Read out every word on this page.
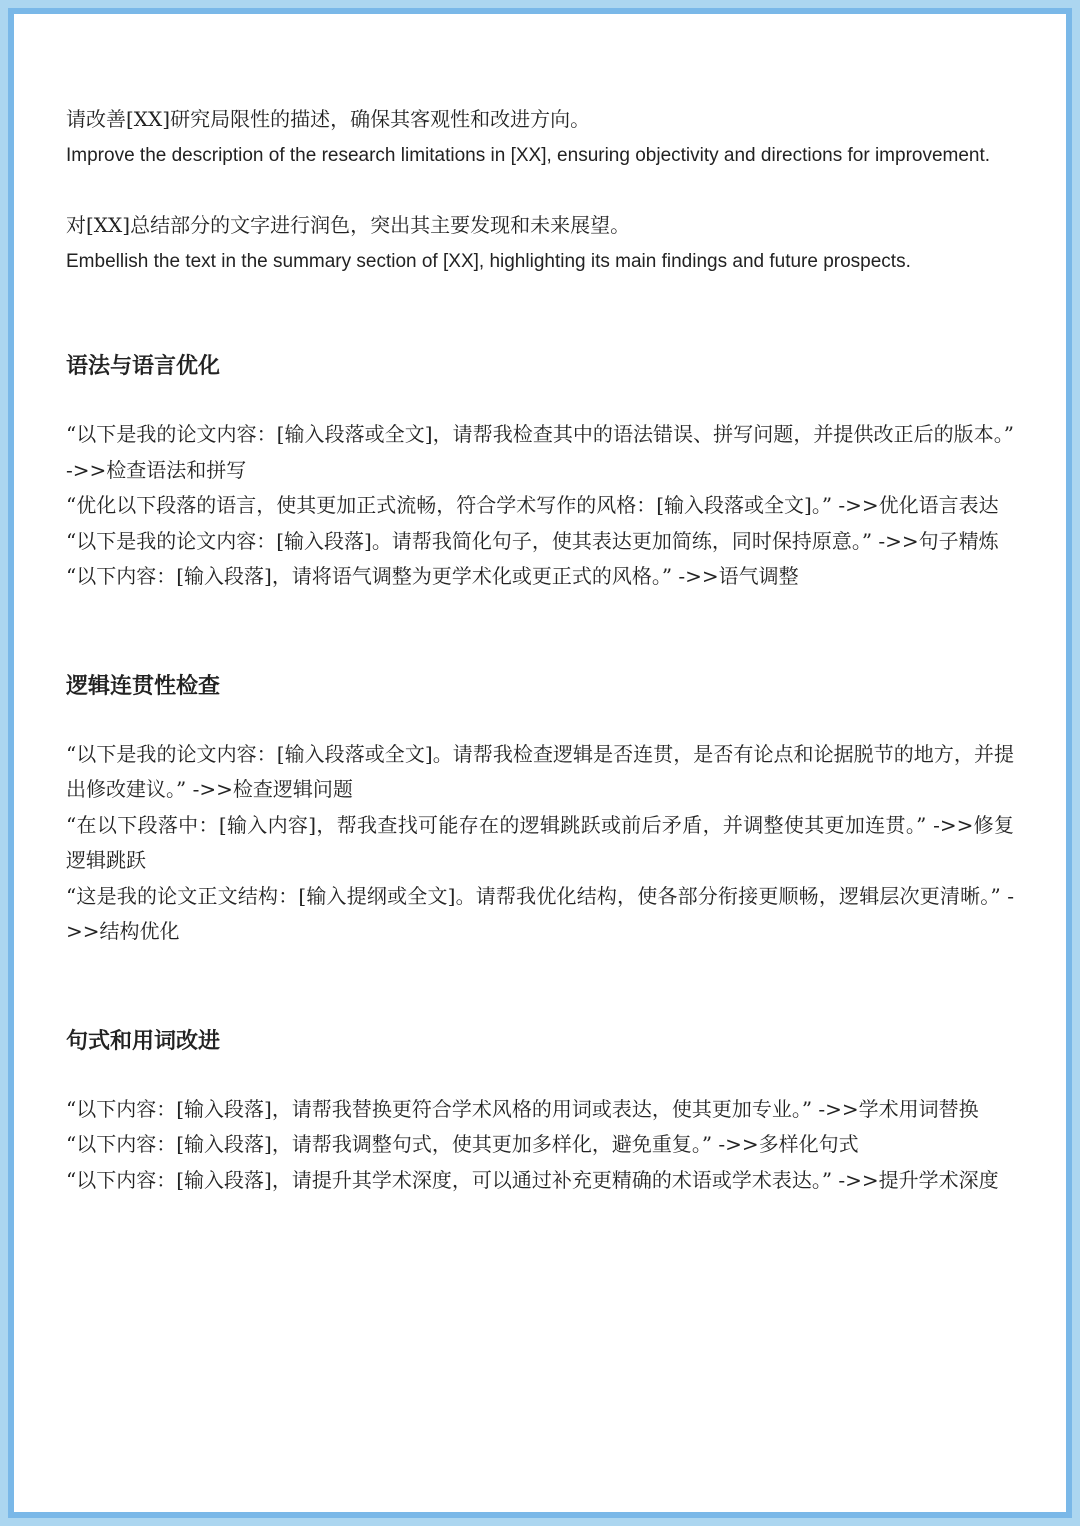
请改善[XX]研究局限性的描述，确保其客观性和改进方向。

Improve the description of the research limitations in [XX], ensuring objectivity and directions for improvement.

对[XX]总结部分的文字进行润色，突出其主要发现和未来展望。

Embellish the text in the summary section of [XX], highlighting its main findings and future prospects.

语法与语言优化

“以下是我的论文内容：[输入段落或全文]，请帮我检查其中的语法错误、拼写问题，并提供改正后的版本。” ->>检查语法和拼写

“优化以下段落的语言，使其更加正式流畅，符合学术写作的风格：[输入段落或全文]。” ->>优化语言表达

“以下是我的论文内容：[输入段落]。请帮我简化句子，使其表达更加简练，同时保持原意。” ->>句子精炼

“以下内容：[输入段落]，请将语气调整为更学术化或更正式的风格。” ->>语气调整

逻辑连贯性检查

“以下是我的论文内容：[输入段落或全文]。请帮我检查逻辑是否连贯，是否有论点和论据脱节的地方，并提出修改建议。” ->>检查逻辑问题

“在以下段落中：[输入内容]，帮我查找可能存在的逻辑跳跃或前后矛盾，并调整使其更加连贯。” ->>修复逻辑跳跃

“这是我的论文正文结构：[输入提纲或全文]。请帮我优化结构，使各部分衔接更顺畅，逻辑层次更清晰。” ->>结构优化

句式和用词改进

“以下内容：[输入段落]，请帮我替换更符合学术风格的用词或表达，使其更加专业。” ->>学术用词替换

“以下内容：[输入段落]，请帮我调整句式，使其更加多样化，避免重复。” ->>多样化句式

“以下内容：[输入段落]，请提升其学术深度，可以通过补充更精确的术语或学术表达。” ->>提升学术深度
